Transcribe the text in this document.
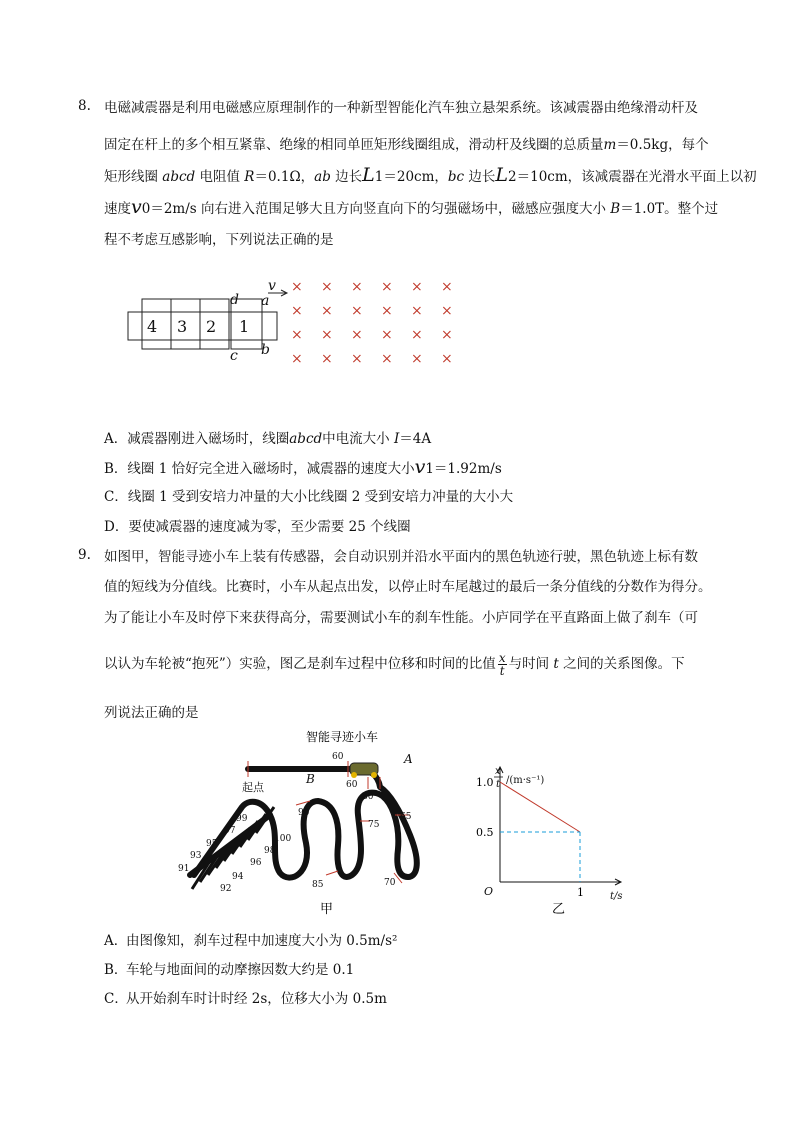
8. 电磁减震器是利用电磁感应原理制作的一种新型智能化汽车独立悬架系统。该减震器由绝缘滑动杆及
固定在杆上的多个相互紧靠、绝缘的相同单匝矩形线圈组成，滑动杆及线圈的总质量m＝0.5kg，每个
矩形线圈 abcd 电阻值 R＝0.1Ω，ab 边长L1＝20cm，bc 边长L2＝10cm，该减震器在光滑水平面上以初
速度v0＝2m/s 向右进入范围足够大且方向竖直向下的匀强磁场中，磁感应强度大小 B＝1.0T。整个过
程不考虑互感影响，下列说法正确的是
4 3 2 1
v
a
d
c b
× × × × × ×
× × × × × ×
× × × × × ×
× × × × × ×
A．减震器刚进入磁场时，线圈abcd中电流大小 I＝4A
B．线圈 1 恰好完全进入磁场时，减震器的速度大小v1＝1.92m/s
C．线圈 1 受到安培力冲量的大小比线圈 2 受到安培力冲量的大小大
D．要使减震器的速度减为零，至少需要 25 个线圈
9. 如图甲，智能寻迹小车上装有传感器，会自动识别并沿水平面内的黑色轨迹行驶，黑色轨迹上标有数
值的短线为分值线。比赛时，小车从起点出发，以停止时车尾越过的最后一条分值线的分数作为得分。
为了能让小车及时停下来获得高分，需要测试小车的刹车性能。小庐同学在平直路面上做了刹车（可
以认为车轮被“抱死”）实验，图乙是刹车过程中位移和时间的比值 $\frac{x}{t}$ 与时间 t 之间的关系图像。下
列说法正确的是
智能寻迹小车
起点
60
60
80
90	65
75
85	70
100
98
96
94
92
91
93
95
97
99
A
B
甲
1.0
0.5
1
x
t /(m·s⁻¹)
t/s
O
乙
A．
由图像知，刹车过程中加速度大小为 0.5m/s²
B．
车轮与地面间的动摩擦因数大约是 0.1
C．
从开始刹车时计时经 2s，位移大小为 0.5m
